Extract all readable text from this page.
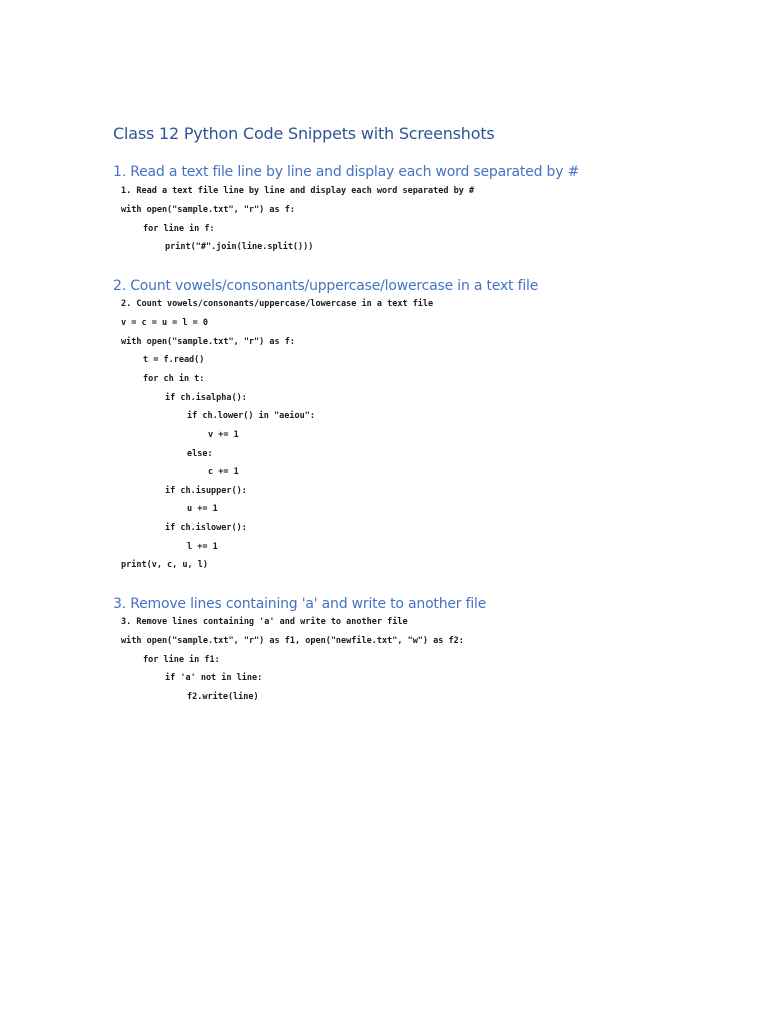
Class 12 Python Code Snippets with Screenshots
1. Read a text file line by line and display each word separated by #
1. Read a text file line by line and display each word separated by #
with open("sample.txt", "r") as f:
for line in f:
print("#".join(line.split()))
2. Count vowels/consonants/uppercase/lowercase in a text file
2. Count vowels/consonants/uppercase/lowercase in a text file
v = c = u = l = 0
with open("sample.txt", "r") as f:
t = f.read()
for ch in t:
if ch.isalpha():
if ch.lower() in "aeiou":
v += 1
else:
c += 1
if ch.isupper():
u += 1
if ch.islower():
l += 1
print(v, c, u, l)
3. Remove lines containing 'a' and write to another file
3. Remove lines containing 'a' and write to another file
with open("sample.txt", "r") as f1, open("newfile.txt", "w") as f2:
for line in f1:
if 'a' not in line:
f2.write(line)
